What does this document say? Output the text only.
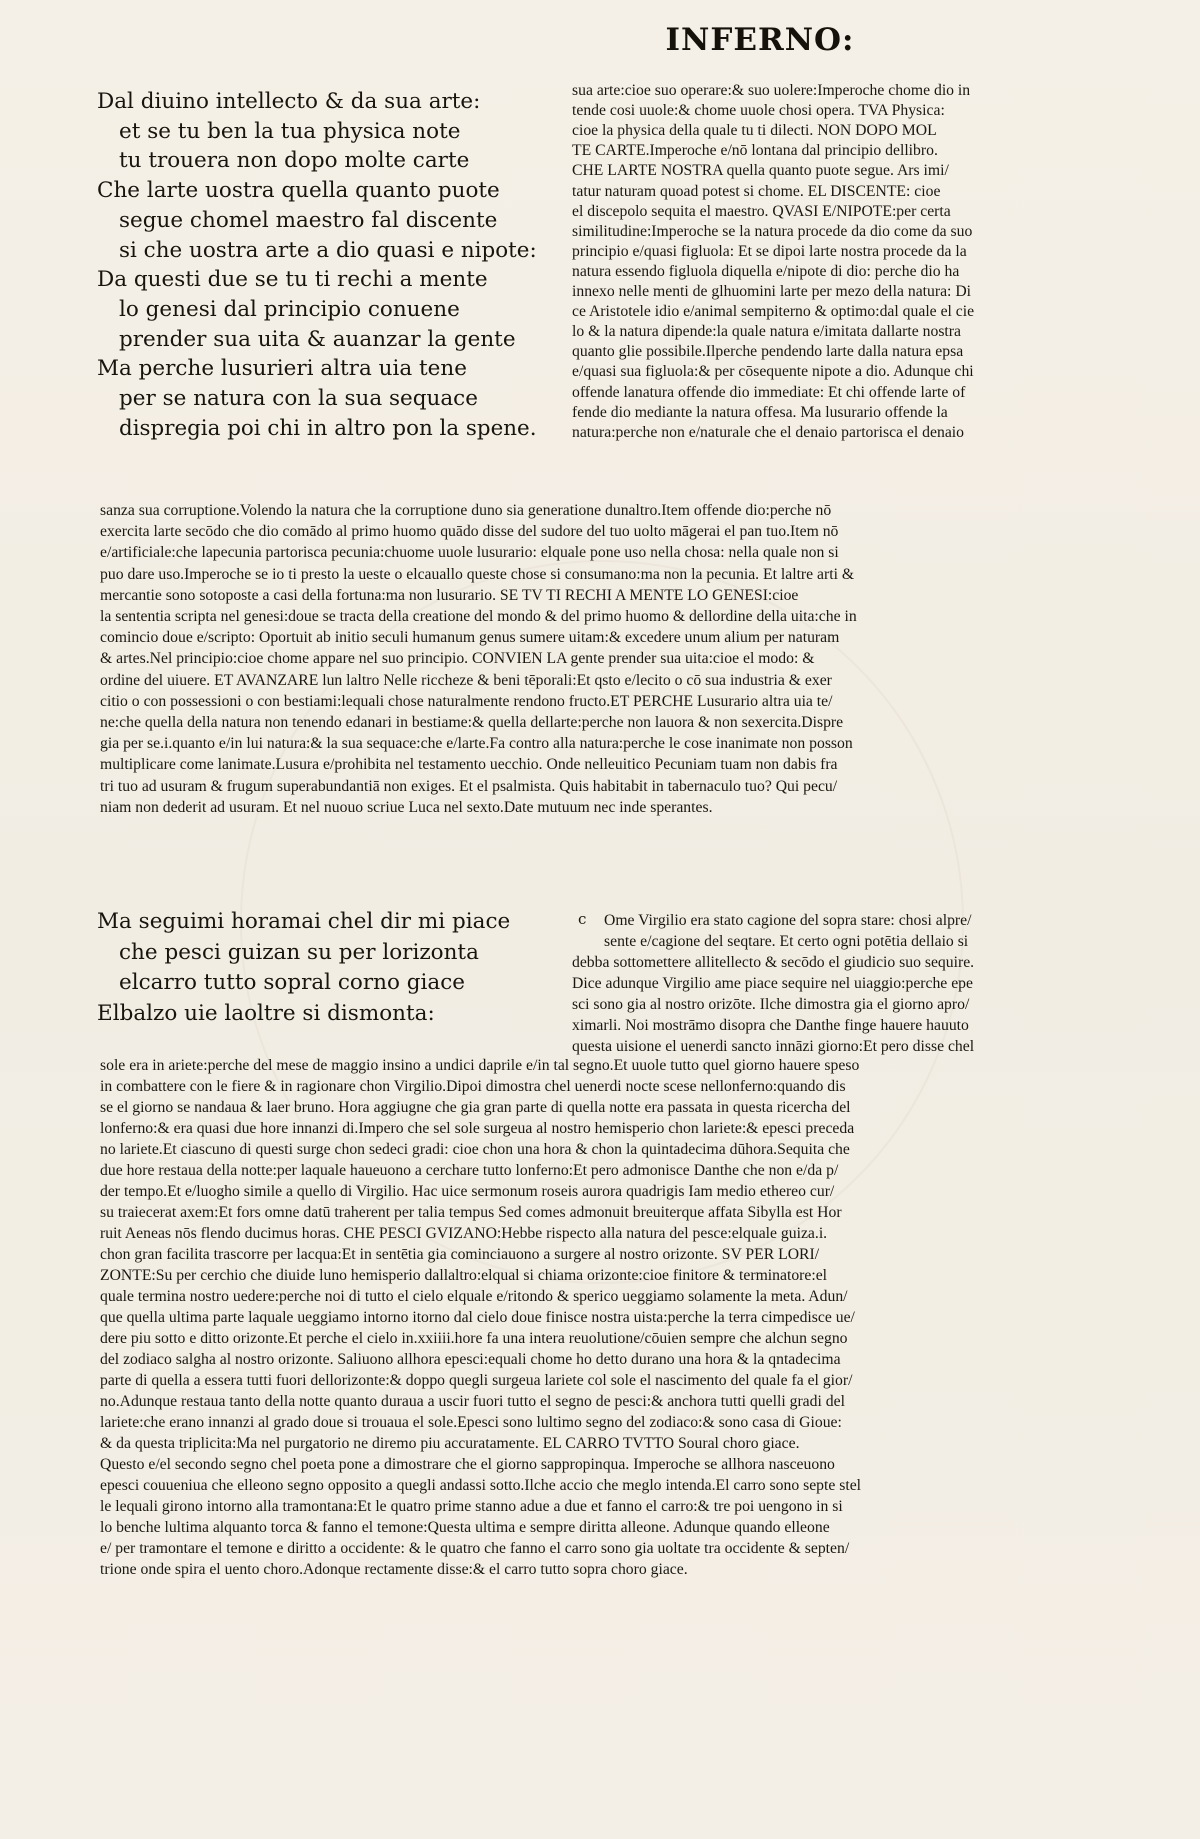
INFERNO:
Dal diuino intellecto & da sua arte:
et se tu ben la tua physica note
tu trouera non dopo molte carte
Che larte uostra quella quanto puote
segue chomel maestro fal discente
si che uostra arte a dio quasi e nipote:
Da questi due se tu ti rechi a mente
lo genesi dal principio conuene
prender sua uita & auanzar la gente
Ma perche lusurieri altra uia tene
per se natura con la sua sequace
dispregia poi chi in altro pon la spene.
sua arte:cioe suo operare:& suo uolere:Imperoche chome dio in
tende cosi uuole:& chome uuole chosi opera. TVA Physica:
cioe la physica della quale tu ti dilecti. NON DOPO MOL
TE CARTE.Imperoche e/nō lontana dal principio dellibro.
CHE LARTE NOSTRA quella quanto puote segue. Ars imi/
tatur naturam quoad potest si chome. EL DISCENTE: cioe
el discepolo sequita el maestro. QVASI E/NIPOTE:per certa
similitudine:Imperoche se la natura procede da dio come da suo
principio e/quasi figluola: Et se dipoi larte nostra procede da la
natura essendo figluola diquella e/nipote di dio: perche dio ha
innexo nelle menti de glhuomini larte per mezo della natura: Di
ce Aristotele idio e/animal sempiterno & optimo:dal quale el cie
lo & la natura dipende:la quale natura e/imitata dallarte nostra
quanto glie possibile.Ilperche pendendo larte dalla natura epsa
e/quasi sua figluola:& per cōsequente nipote a dio. Adunque chi
offende lanatura offende dio immediate: Et chi offende larte of
fende dio mediante la natura offesa. Ma lusurario offende la
natura:perche non e/naturale che el denaio partorisca el denaio
sanza sua corruptione.Volendo la natura che la corruptione duno sia generatione dunaltro.Item offende dio:perche nō
exercita larte secōdo che dio comādo al primo huomo quādo disse del sudore del tuo uolto māgerai el pan tuo.Item nō
e/artificiale:che lapecunia partorisca pecunia:chuome uuole lusurario: elquale pone uso nella chosa: nella quale non si
puo dare uso.Imperoche se io ti presto la ueste o elcauallo queste chose si consumano:ma non la pecunia. Et laltre arti &
mercantie sono sotoposte a casi della fortuna:ma non lusurario. SE TV TI RECHI A MENTE LO GENESI:cioe
la sententia scripta nel genesi:doue se tracta della creatione del mondo & del primo huomo & dellordine della uita:che in
comincio doue e/scripto: Oportuit ab initio seculi humanum genus sumere uitam:& excedere unum alium per naturam
& artes.Nel principio:cioe chome appare nel suo principio. CONVIEN LA gente prender sua uita:cioe el modo: &
ordine del uiuere. ET AVANZARE lun laltro Nelle riccheze & beni tēporali:Et qsto e/lecito o cō sua industria & exer
citio o con possessioni o con bestiami:lequali chose naturalmente rendono fructo.ET PERCHE Lusurario altra uia te/
ne:che quella della natura non tenendo edanari in bestiame:& quella dellarte:perche non lauora & non sexercita.Dispre
gia per se.i.quanto e/in lui natura:& la sua sequace:che e/larte.Fa contro alla natura:perche le cose inanimate non posson
multiplicare come lanimate.Lusura e/prohibita nel testamento uecchio. Onde nelleuitico Pecuniam tuam non dabis fra
tri tuo ad usuram & frugum superabundantiā non exiges. Et el psalmista. Quis habitabit in tabernaculo tuo? Qui pecu/
niam non dederit ad usuram. Et nel nuouo scriue Luca nel sexto.Date mutuum nec inde sperantes.
Ma seguimi horamai chel dir mi piace
che pesci guizan su per lorizonta
elcarro tutto sopral corno giace
Elbalzo uie laoltre si dismonta:
c Ome Virgilio era stato cagione del sopra stare: chosi alpre/
sente e/cagione del seqtare. Et certo ogni potētia dellaio si
debba sottomettere allitellecto & secōdo el giudicio suo sequire.
Dice adunque Virgilio ame piace sequire nel uiaggio:perche epe
sci sono gia al nostro orizōte. Ilche dimostra gia el giorno apro/
ximarli. Noi mostrāmo disopra che Danthe finge hauere hauuto
questa uisione el uenerdi sancto innāzi giorno:Et pero disse chel
sole era in ariete:perche del mese de maggio insino a undici daprile e/in tal segno.Et uuole tutto quel giorno hauere speso
in combattere con le fiere & in ragionare chon Virgilio.Dipoi dimostra chel uenerdi nocte scese nellonferno:quando dis
se el giorno se nandaua & laer bruno. Hora aggiugne che gia gran parte di quella notte era passata in questa ricercha del
lonferno:& era quasi due hore innanzi di.Impero che sel sole surgeua al nostro hemisperio chon lariete:& epesci preceda
no lariete.Et ciascuno di questi surge chon sedeci gradi: cioe chon una hora & chon la quintadecima dūhora.Sequita che
due hore restaua della notte:per laquale haueuono a cerchare tutto lonferno:Et pero admonisce Danthe che non e/da p/
der tempo.Et e/luogho simile a quello di Virgilio. Hac uice sermonum roseis aurora quadrigis Iam medio ethereo cur/
su traiecerat axem:Et fors omne datū traherent per talia tempus Sed comes admonuit breuiterque affata Sibylla est Hor
ruit Aeneas nōs flendo ducimus horas. CHE PESCI GVIZANO:Hebbe rispecto alla natura del pesce:elquale guiza.i.
chon gran facilita trascorre per lacqua:Et in sentētia gia cominciauono a surgere al nostro orizonte. SV PER LORI/
ZONTE:Su per cerchio che diuide luno hemisperio dallaltro:elqual si chiama orizonte:cioe finitore & terminatore:el
quale termina nostro uedere:perche noi di tutto el cielo elquale e/ritondo & sperico ueggiamo solamente la meta. Adun/
que quella ultima parte laquale ueggiamo intorno itorno dal cielo doue finisce nostra uista:perche la terra cimpedisce ue/
dere piu sotto e ditto orizonte.Et perche el cielo in.xxiiii.hore fa una intera reuolutione/cōuien sempre che alchun segno
del zodiaco salgha al nostro orizonte. Saliuono allhora epesci:equali chome ho detto durano una hora & la qntadecima
parte di quella a essera tutti fuori dellorizonte:& doppo quegli surgeua lariete col sole el nascimento del quale fa el gior/
no.Adunque restaua tanto della notte quanto duraua a uscir fuori tutto el segno de pesci:& anchora tutti quelli gradi del
lariete:che erano innanzi al grado doue si trouaua el sole.Epesci sono lultimo segno del zodiaco:& sono casa di Gioue:
& da questa triplicita:Ma nel purgatorio ne diremo piu accuratamente. EL CARRO TVTTO Soural choro giace.
Questo e/el secondo segno chel poeta pone a dimostrare che el giorno sappropinqua. Imperoche se allhora nasceuono
epesci couueniua che elleono segno opposito a quegli andassi sotto.Ilche accio che meglo intenda.El carro sono septe stel
le lequali girono intorno alla tramontana:Et le quatro prime stanno adue a due et fanno el carro:& tre poi uengono in si
lo benche lultima alquanto torca & fanno el temone:Questa ultima e sempre diritta alleone. Adunque quando elleone
e/ per tramontare el temone e diritto a occidente: & le quatro che fanno el carro sono gia uoltate tra occidente & septen/
trione onde spira el uento choro.Adonque rectamente disse:& el carro tutto sopra choro giace.
